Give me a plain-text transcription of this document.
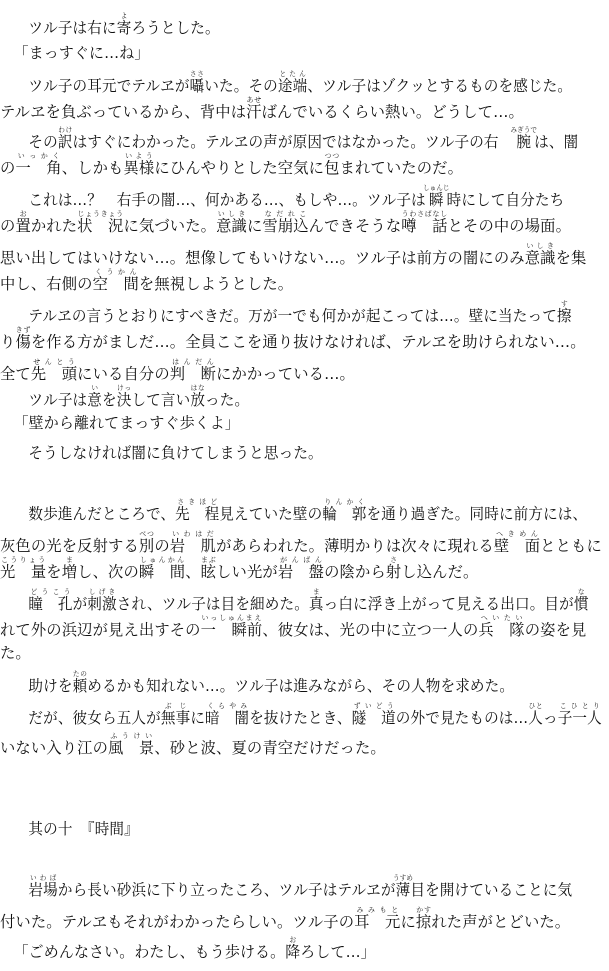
ツル子は右に寄よろうとした。
「まっすぐに…ね」
ツル子の耳元でテルヱが囁ささいた。その途端とたん、ツル子はゾクッとするものを感じた。
テルヱを負ぶっているから、背中は汗あせばんでいるくらい熱い。どうして…。
その訳わけはすぐにわかった。テルヱの声が原因ではなかった。ツル子の右　腕みぎうでは、闇
の一　角いっかく、しかも異様いようにひんやりとした空気に包つつまれていたのだ。
これは…？　右手の闇…、何かある…、もしや…。ツル子は瞬しゅんじ時にして自分たち
の置おかれた状　況じょうきょうに気づいた。意識いしきに雪崩込なだれこんできそうな噂　話うわさばなしとその中の場面。
思い出してはいけない…。想像してもいけない…。ツル子は前方の闇にのみ意識いしきを集
中し、右側の空　間くうかんを無視しようとした。
テルヱの言うとおりにすべきだ。万が一でも何かが起こっては…。壁に当たって擦す
り傷きずを作る方がましだ…。全員ここを通り抜けなければ、テルヱを助けられない…。
全て先　頭せんとうにいる自分の判　断はんだんにかかっている…。
ツル子は意いを決けっして言い放はなった。
「壁から離れてまっすぐ歩くよ」
そうしなければ闇に負けてしまうと思った。
数歩進んだところで、先　程さきほど見えていた壁の輪　郭りんかくを通り過ぎた。同時に前方には、
灰色の光を反射する別べつの岩　肌いわはだがあらわれた。薄明かりは次々に現れる壁　面へきめんとともに
光　量こうりょうを増まし、次の瞬　間しゅんかん、眩まぶしい光が岩　盤がんばんの陰から射さし込んだ。
瞳　孔どうこうが刺激しげきされ、ツル子は目を細めた。真まっ白に浮き上がって見える出口。目が慣な
れて外の浜辺が見え出すその一　瞬前いっしゅんまえ、彼女は、光の中に立つ一人の兵　隊へいたいの姿を見
た。
助けを頼たのめるかも知れない…。ツル子は進みながら、その人物を求めた。
だが、彼女ら五人が無事ぶじに暗　闇くらやみを抜けたとき、隧　道ずいどうの外で見たものは…人ひとっ子一人こひとり
いない入り江の風　景ふうけい、砂と波、夏の青空だけだった。
其の十　『時間』
岩場いわばから長い砂浜に下り立ったころ、ツル子はテルヱが薄うすめ目を開けていることに気
付いた。テルヱもそれがわかったらしい。ツル子の耳　元みみもとに掠かすれた声がとどいた。
「ごめんなさい。わたし、もう歩ける。降おろして…」
